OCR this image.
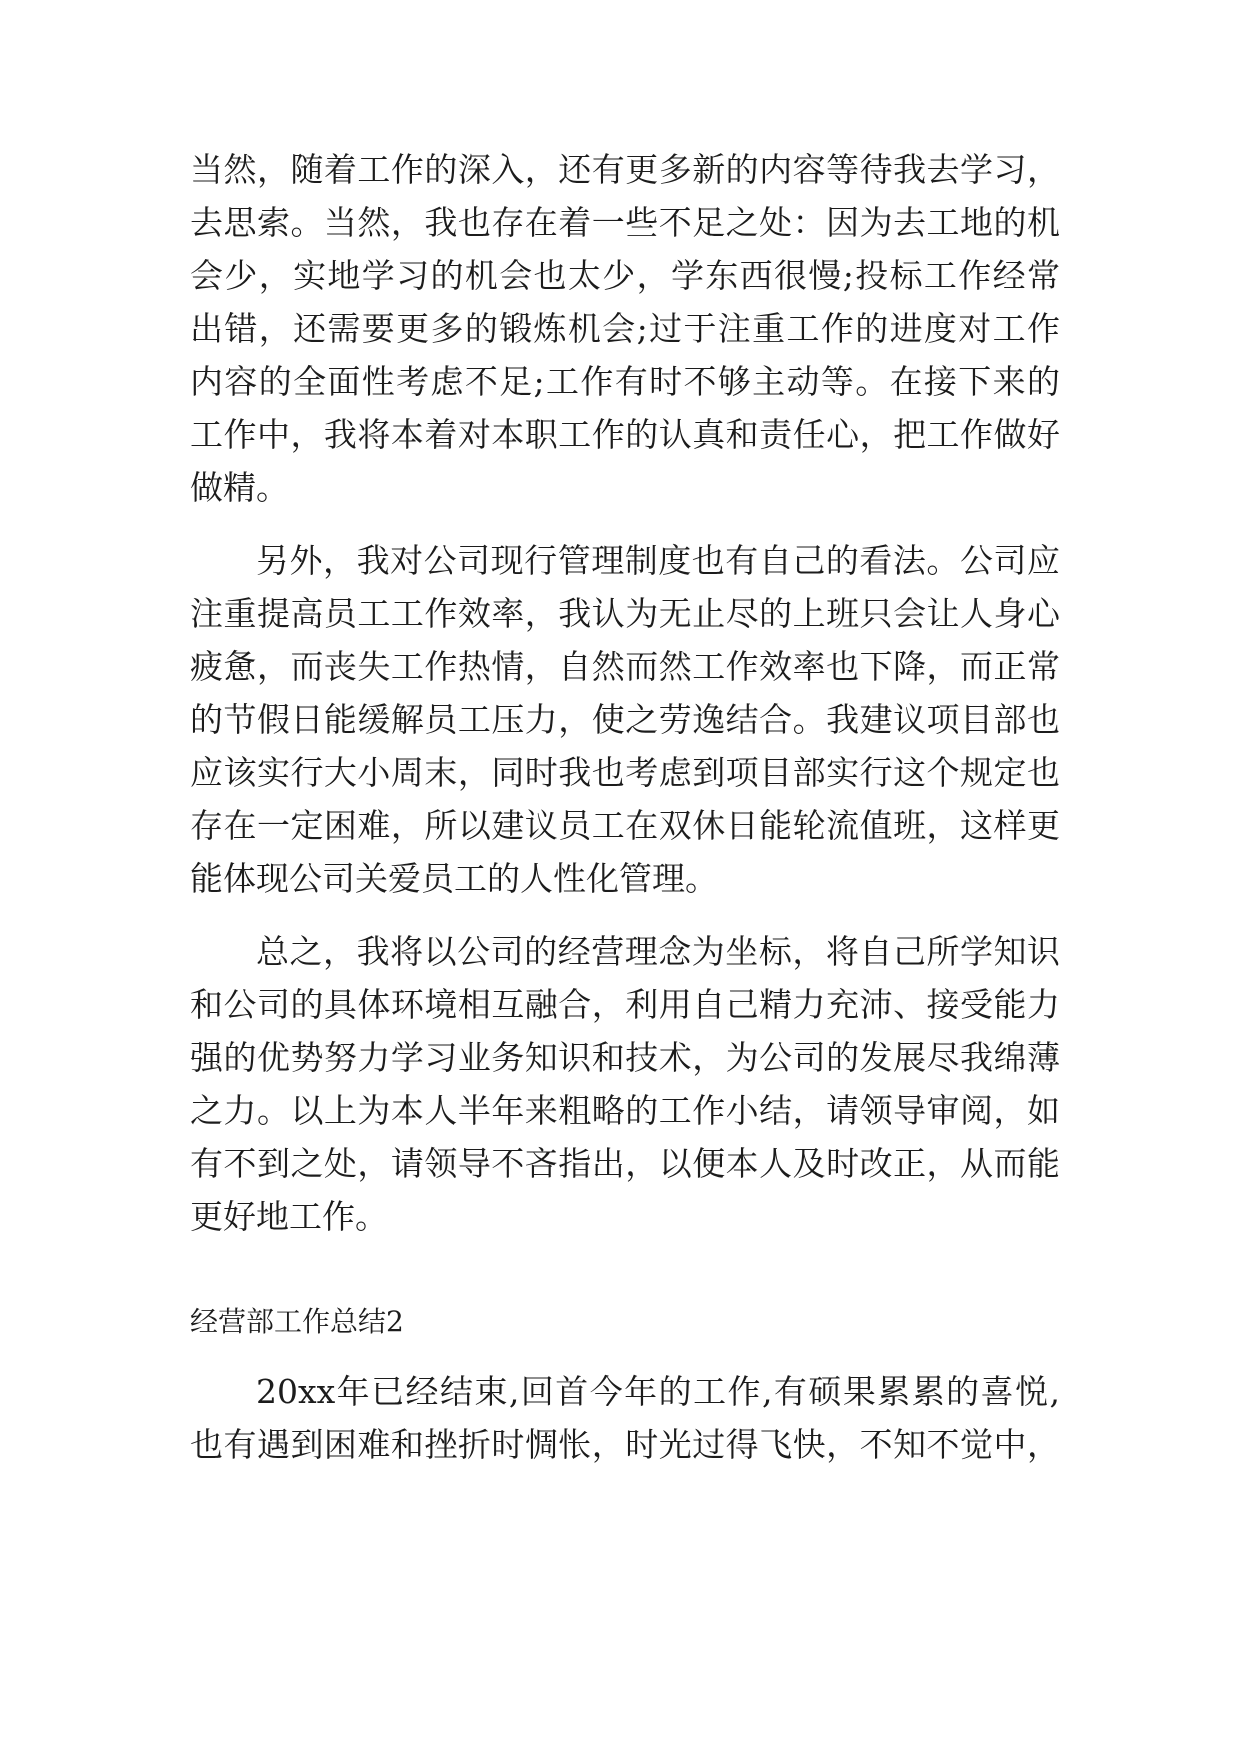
当然，随着工作的深入，还有更多新的内容等待我去学习，

去思索。当然，我也存在着一些不足之处：因为去工地的机

会少，实地学习的机会也太少，学东西很慢;投标工作经常

出错，还需要更多的锻炼机会;过于注重工作的进度对工作

内容的全面性考虑不足;工作有时不够主动等。在接下来的

工作中，我将本着对本职工作的认真和责任心，把工作做好

做精。

另外，我对公司现行管理制度也有自己的看法。公司应

注重提高员工工作效率，我认为无止尽的上班只会让人身心

疲惫，而丧失工作热情，自然而然工作效率也下降，而正常

的节假日能缓解员工压力，使之劳逸结合。我建议项目部也

应该实行大小周末，同时我也考虑到项目部实行这个规定也

存在一定困难，所以建议员工在双休日能轮流值班，这样更

能体现公司关爱员工的人性化管理。

总之，我将以公司的经营理念为坐标，将自己所学知识

和公司的具体环境相互融合，利用自己精力充沛、接受能力

强的优势努力学习业务知识和技术，为公司的发展尽我绵薄

之力。以上为本人半年来粗略的工作小结，请领导审阅，如

有不到之处，请领导不吝指出，以便本人及时改正，从而能

更好地工作。

经营部工作总结2

20xx年已经结束,回首今年的工作,有硕果累累的喜悦,

也有遇到困难和挫折时惆怅，时光过得飞快，不知不觉中，
